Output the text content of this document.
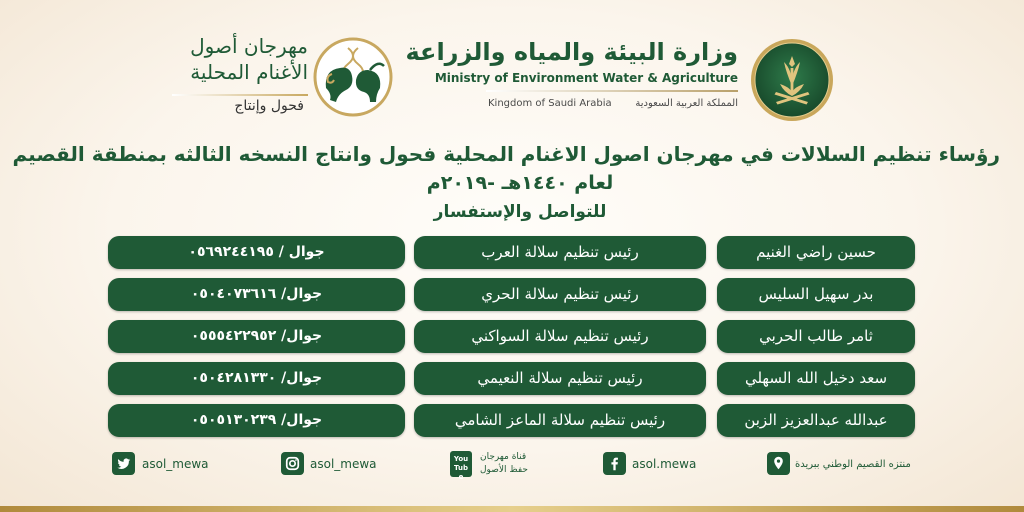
وزارة البيئة والمياه والزراعة
Ministry of Environment Water & Agriculture
Kingdom of Saudi Arabia المملكة العربية السعودية
مهرجان أصول
الأغنام المحلية
فحول وإنتاج
رؤساء تنظيم السلالات في مهرجان اصول الاغنام المحلية فحول وانتاج النسخه الثالثه بمنطقة القصيم
لعام ١٤٤٠هـ -٢٠١٩م
للتواصل والإستفسار
حسين راضي الغنيم
رئيس تنظيم سلالة العرب
جوال / ٠٥٦٩٢٤٤١٩٥
بدر سهيل السليس
رئيس تنظيم سلالة الحري
جوال/ ٠٥٠٤٠٧٣٦١٦
ثامر طالب الحربي
رئيس تنظيم سلالة السواكني
جوال/ ٠٥٥٥٤٢٢٩٥٢
سعد دخيل الله السهلي
رئيس تنظيم سلالة النعيمي
جوال/ ٠٥٠٤٢٨١٣٣٠
عبدالله عبدالعزيز الزبن
رئيس تنظيم سلالة الماعز الشامي
جوال/ ٠٥٠٥١٣٠٢٣٩
asol_mewa	asol_mewa	You Tube
قناة مهرجان
حفظ الأصول	asol.mewa	منتزه القصيم الوطني ببريدة
